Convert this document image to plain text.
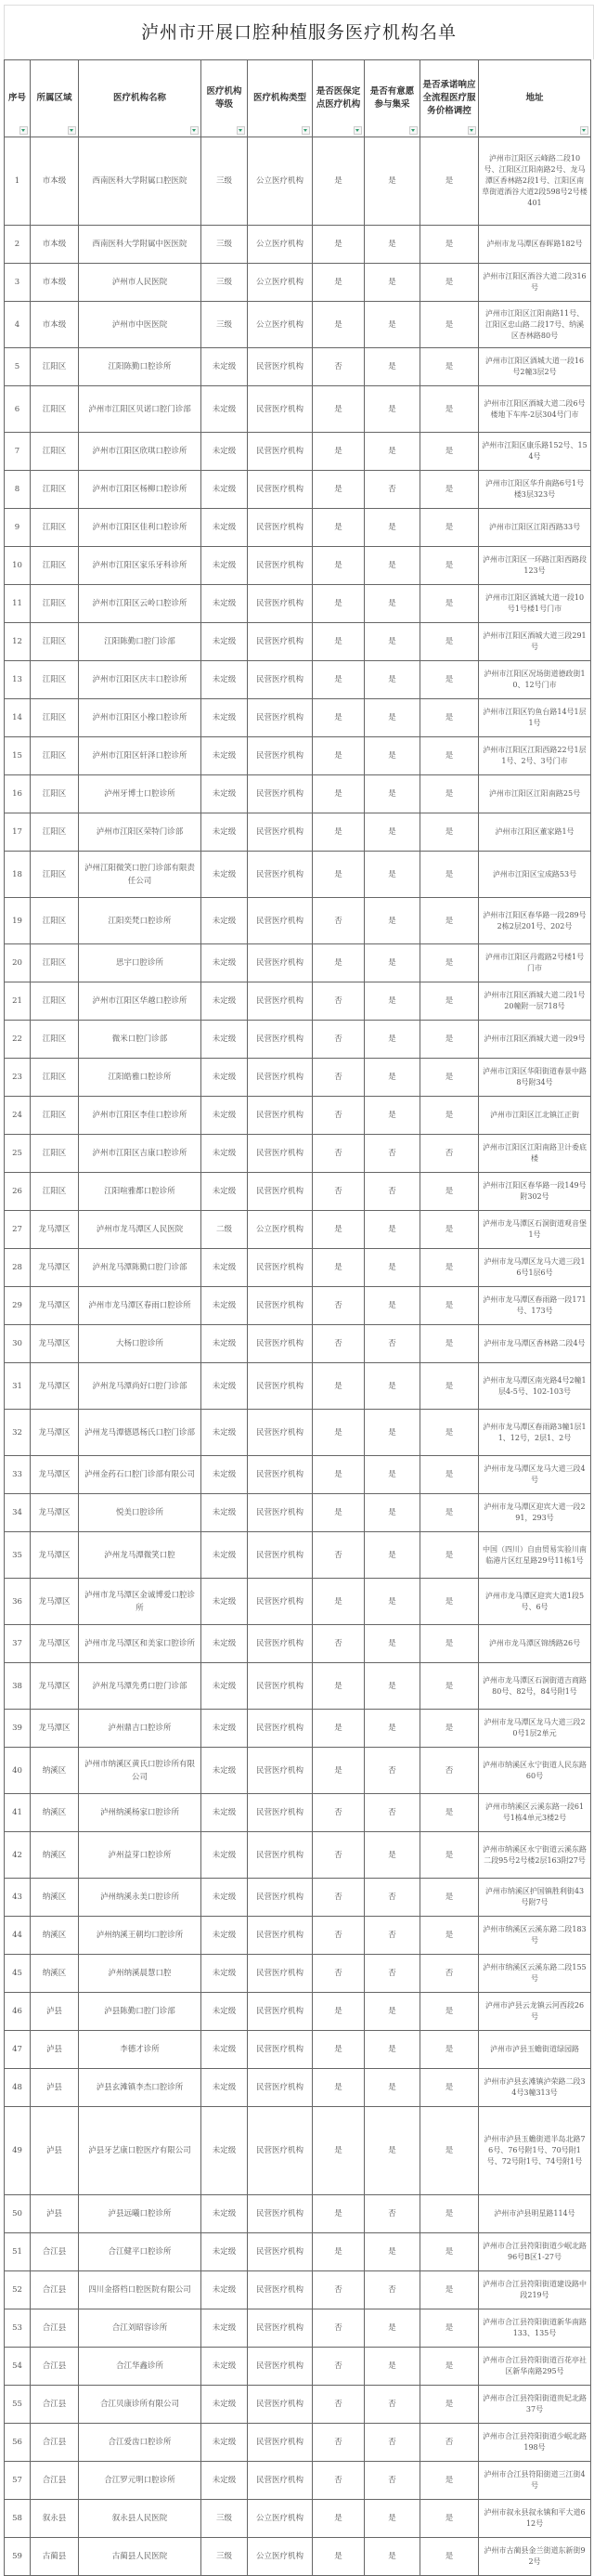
泸州市开展口腔种植服务医疗机构名单
序号	所属区域	医疗机构名称	医疗机构等级	医疗机构类型	是否医保定点医疗机构	是否有意愿参与集采	是否承诺响应全流程医疗服务价格调控	地址

1	市本级	西南医科大学附属口腔医院	三级	公立医疗机构	是	是	是	泸州市江阳区云峰路二段10号、江阳区江阳南路2号、龙马潭区香林路2段1号、江阳区南草街道酒谷大道2段598号2号楼401
2	市本级	西南医科大学附属中医医院	三级	公立医疗机构	是	是	是	泸州市龙马潭区春晖路182号
3	市本级	泸州市人民医院	三级	公立医疗机构	是	是	是	泸州市江阳区酒谷大道二段316号
4	市本级	泸州市中医医院	三级	公立医疗机构	是	是	是	泸州市江阳区江阳南路11号、江阳区忠山路二段17号、纳溪区杏林路80号
5	江阳区	江阳陈勤口腔诊所	未定级	民营医疗机构	否	是	是	泸州市江阳区酒城大道一段16号2幢3层2号
6	江阳区	泸州市江阳区贝诺口腔门诊部	未定级	民营医疗机构	是	是	是	泸州市江阳区酒城大道二段6号楼地下车库-2层304号门市
7	江阳区	泸州市江阳区欣琪口腔诊所	未定级	民营医疗机构	是	是	是	泸州市江阳区康乐路152号、154号
8	江阳区	泸州市江阳区杨柳口腔诊所	未定级	民营医疗机构	是	否	是	泸州市江阳区华升南路6号1号楼3层323号
9	江阳区	泸州市江阳区佳利口腔诊所	未定级	民营医疗机构	是	是	是	泸州市江阳区江阳西路33号
10	江阳区	泸州市江阳区家乐牙科诊所	未定级	民营医疗机构	是	是	是	泸州市江阳区一环路江阳西路段123号
11	江阳区	泸州市江阳区云岭口腔诊所	未定级	民营医疗机构	是	是	是	泸州市江阳区酒城大道一段10号1号楼1号门市
12	江阳区	江阳陈勤口腔门诊部	未定级	民营医疗机构	是	是	是	泸州市江阳区酒城大道三段291号
13	江阳区	泸州市江阳区庆丰口腔诊所	未定级	民营医疗机构	是	是	是	泸州市江阳区况场街道德政街10、12号门市
14	江阳区	泸州市江阳区小橡口腔诊所	未定级	民营医疗机构	是	是	是	泸州市江阳区钓鱼台路14号1层1号
15	江阳区	泸州市江阳区轩泽口腔诊所	未定级	民营医疗机构	是	是	是	泸州市江阳区江阳西路22号1层1号、2号、3号门市
16	江阳区	泸州牙博士口腔诊所	未定级	民营医疗机构	是	是	是	泸州市江阳区江阳南路25号
17	江阳区	泸州市江阳区荣特门诊部	未定级	民营医疗机构	是	是	是	泸州市江阳区董家路1号
18	江阳区	泸州江阳微笑口腔门诊部有限责任公司	未定级	民营医疗机构	是	是	是	泸州市江阳区宝成路53号
19	江阳区	江阳奕梵口腔诊所	未定级	民营医疗机构	否	是	是	泸州市江阳区春华路一段289号2栋2层201号、202号
20	江阳区	思宇口腔诊所	未定级	民营医疗机构	是	是	是	泸州市江阳区丹霞路2号楼1号门市
21	江阳区	泸州市江阳区华越口腔诊所	未定级	民营医疗机构	否	是	是	泸州市江阳区酒城大道二段1号20幢附一层718号
22	江阳区	微米口腔门诊部	未定级	民营医疗机构	否	是	是	泸州市江阳区酒城大道一段9号
23	江阳区	江阳皓雅口腔诊所	未定级	民营医疗机构	否	是	是	泸州市江阳区华阳街道春景中路8号附34号
24	江阳区	泸州市江阳区李佳口腔诊所	未定级	民营医疗机构	否	是	是	泸州市江阳区江北镇江正街
25	江阳区	泸州市江阳区吉康口腔诊所	未定级	民营医疗机构	否	否	否	泸州市江阳区江阳南路卫计委底楼
26	江阳区	江阳喧雅都口腔诊所	未定级	民营医疗机构	否	否	是	泸州市江阳区春华路一段149号附302号
27	龙马潭区	泸州市龙马潭区人民医院	二级	公立医疗机构	是	是	是	泸州市龙马潭区石洞街道观音堡1号
28	龙马潭区	泸州龙马潭陈勤口腔门诊部	未定级	民营医疗机构	是	是	是	泸州市龙马潭区龙马大道三段16号1层6号
29	龙马潭区	泸州市龙马潭区春雨口腔诊所	未定级	民营医疗机构	否	是	是	泸州市龙马潭区春雨路一段171号、173号
30	龙马潭区	大杨口腔诊所	未定级	民营医疗机构	否	否	是	泸州市龙马潭区香林路二段4号
31	龙马潭区	泸州龙马潭尚好口腔门诊部	未定级	民营医疗机构	是	是	是	泸州市龙马潭区南光路4号2幢1层4-5号、102-103号
32	龙马潭区	泸州龙马潭德恩杨氏口腔门诊部	未定级	民营医疗机构	是	是	是	泸州市龙马潭区春雨路3幢1层11、12号，2层1、2号
33	龙马潭区	泸州金药石口腔门诊部有限公司	未定级	民营医疗机构	是	是	是	泸州市龙马潭区龙马大道三段4号
34	龙马潭区	悦美口腔诊所	未定级	民营医疗机构	是	是	是	泸州市龙马潭区迎宾大道一段291，293号
35	龙马潭区	泸州龙马潭微笑口腔	未定级	民营医疗机构	否	是	是	中国（四川）自由贸易实验川南临港片区红星路29号11栋1号
36	龙马潭区	泸州市龙马潭区金诚博爱口腔诊所	未定级	民营医疗机构	是	是	是	泸州市龙马潭区迎宾大道1段5号、6号
37	龙马潭区	泸州市龙马潭区和美家口腔诊所	未定级	民营医疗机构	否	是	是	泸州市龙马潭区锦绣路26号
38	龙马潭区	泸州龙马潭先勇口腔门诊部	未定级	民营医疗机构	是	是	是	泸州市龙马潭区石洞街道吉商路80号、82号，84号附1号
39	龙马潭区	泸州鼎吉口腔诊所	未定级	民营医疗机构	是	是	是	泸州市龙马潭区龙马大道三段20号1层2单元
40	纳溪区	泸州市纳溪区黄氏口腔诊所有限公司	未定级	民营医疗机构	是	否	否	泸州市纳溪区永宁街道人民东路60号
41	纳溪区	泸州纳溪杨家口腔诊所	未定级	民营医疗机构	否	否	是	泸州市纳溪区云溪东路一段61号1栋4单元3楼2号
42	纳溪区	泸州益芽口腔诊所	未定级	民营医疗机构	否	是	是	泸州市纳溪区永宁街道云溪东路二段95号2号楼2层163附27号
43	纳溪区	泸州纳溪永美口腔诊所	未定级	民营医疗机构	否	否	是	泸州市纳溪区护国镇胜利街43号附7号
44	纳溪区	泸州纳溪王朝均口腔诊所	未定级	民营医疗机构	否	否	是	泸州市纳溪区云溪东路二段183号
45	纳溪区	泸州纳溪晨慧口腔	未定级	民营医疗机构	否	否	否	泸州市纳溪区云溪东路二段155号
46	泸县	泸县陈勤口腔门诊部	未定级	民营医疗机构	是	是	是	泸州市泸县云龙镇云河西段26号
47	泸县	李德才诊所	未定级	民营医疗机构	是	是	是	泸州市泸县玉蟾街道绿园路
48	泸县	泸县玄滩镇李杰口腔诊所	未定级	民营医疗机构	是	是	是	泸州市泸县玄滩镇泸荣路二段34号3幢313号
49	泸县	泸县牙艺康口腔医疗有限公司	未定级	民营医疗机构	是	是	是	泸州市泸县玉蟾街道半岛北路76号、76号附1号、70号附1号、72号附1号、74号附1号
50	泸县	泸县远曦口腔诊所	未定级	民营医疗机构	是	否	是	泸州市泸县明星路114号
51	合江县	合江健平口腔诊所	未定级	民营医疗机构	是	是	是	泸州市合江县符阳街道少岷北路96号B区1-27号
52	合江县	四川金搭档口腔医院有限公司	未定级	民营医疗机构	否	否	是	泸州市合江县符阳街道建设路中段219号
53	合江县	合江刘昭容诊所	未定级	民营医疗机构	否	是	是	泸州市合江县符阳街道新华南路133、135号
54	合江县	合江华鑫诊所	未定级	民营医疗机构	否	是	是	泸州市合江县符阳街道百花亭社区新华南路295号
55	合江县	合江贝康诊所有限公司	未定级	民营医疗机构	否	否	是	泸州市合江县符阳街道贵妃北路37号
56	合江县	合江爱齿口腔诊所	未定级	民营医疗机构	否	否	否	泸州市合江县符阳街道少岷北路198号
57	合江县	合江罗元明口腔诊所	未定级	民营医疗机构	否	否	是	泸州市合江县符阳街道三江街4号
58	叙永县	叙永县人民医院	三级	公立医疗机构	是	是	是	泸州市叙永县叙永镇和平大道612号
59	古蔺县	古蔺县人民医院	三级	公立医疗机构	是	是	是	泸州市古蔺县金兰街道东新街92号
